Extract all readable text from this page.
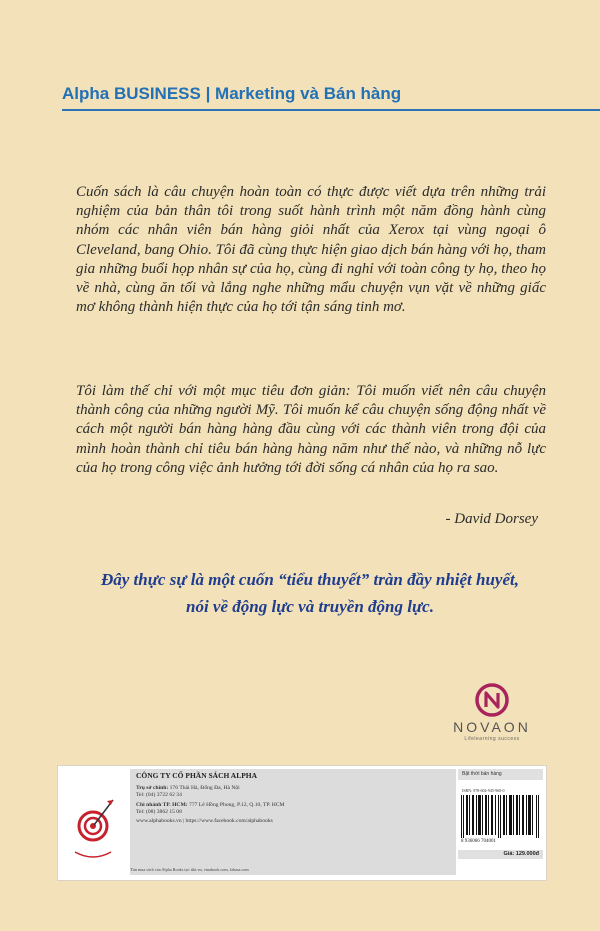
Alpha BUSINESS | Marketing và Bán hàng

Cuốn sách là câu chuyện hoàn toàn có thực được viết dựa trên những trải nghiệm của bản thân tôi trong suốt hành trình một năm đồng hành cùng nhóm các nhân viên bán hàng giỏi nhất của Xerox tại vùng ngoại ô Cleveland, bang Ohio. Tôi đã cùng thực hiện giao dịch bán hàng với họ, tham gia những buổi họp nhân sự của họ, cùng đi nghỉ với toàn công ty họ, theo họ về nhà, cùng ăn tối và lắng nghe những mẩu chuyện vụn vặt về những giấc mơ không thành hiện thực của họ tới tận sáng tinh mơ.

Tôi làm thế chỉ với một mục tiêu đơn giản: Tôi muốn viết nên câu chuyện thành công của những người Mỹ. Tôi muốn kể câu chuyện sống động nhất về cách một người bán hàng hàng đầu cùng với các thành viên trong đội của mình hoàn thành chỉ tiêu bán hàng hàng năm như thế nào, và những nỗ lực của họ trong công việc ảnh hưởng tới đời sống cá nhân của họ ra sao.

- David Dorsey
Đây thực sự là một cuốn “tiểu thuyết” tràn đầy nhiệt huyết, nói về động lực và truyền động lực.
NOVAON
Lifelearning success
CÔNG TY CỔ PHẦN SÁCH ALPHA
Trụ sở chính: 176 Thái Hà, Đống Đa, Hà Nội
Tel: (04) 3722 62 34
Chi nhánh TP. HCM: 777 Lê Hồng Phong, P.12, Q.10, TP. HCM
Tel: (08) 3862 15 08
www.alphabooks.vn | https://www.facebook.com/alphabooks
Tìm mua sách của Alpha Books tại: tiki.vn, vinabook.com, fahasa.com
Bật thời bán hàng
ISBN: 978-604-945-960-0
8 936066 704001
Giá: 129.000đ
